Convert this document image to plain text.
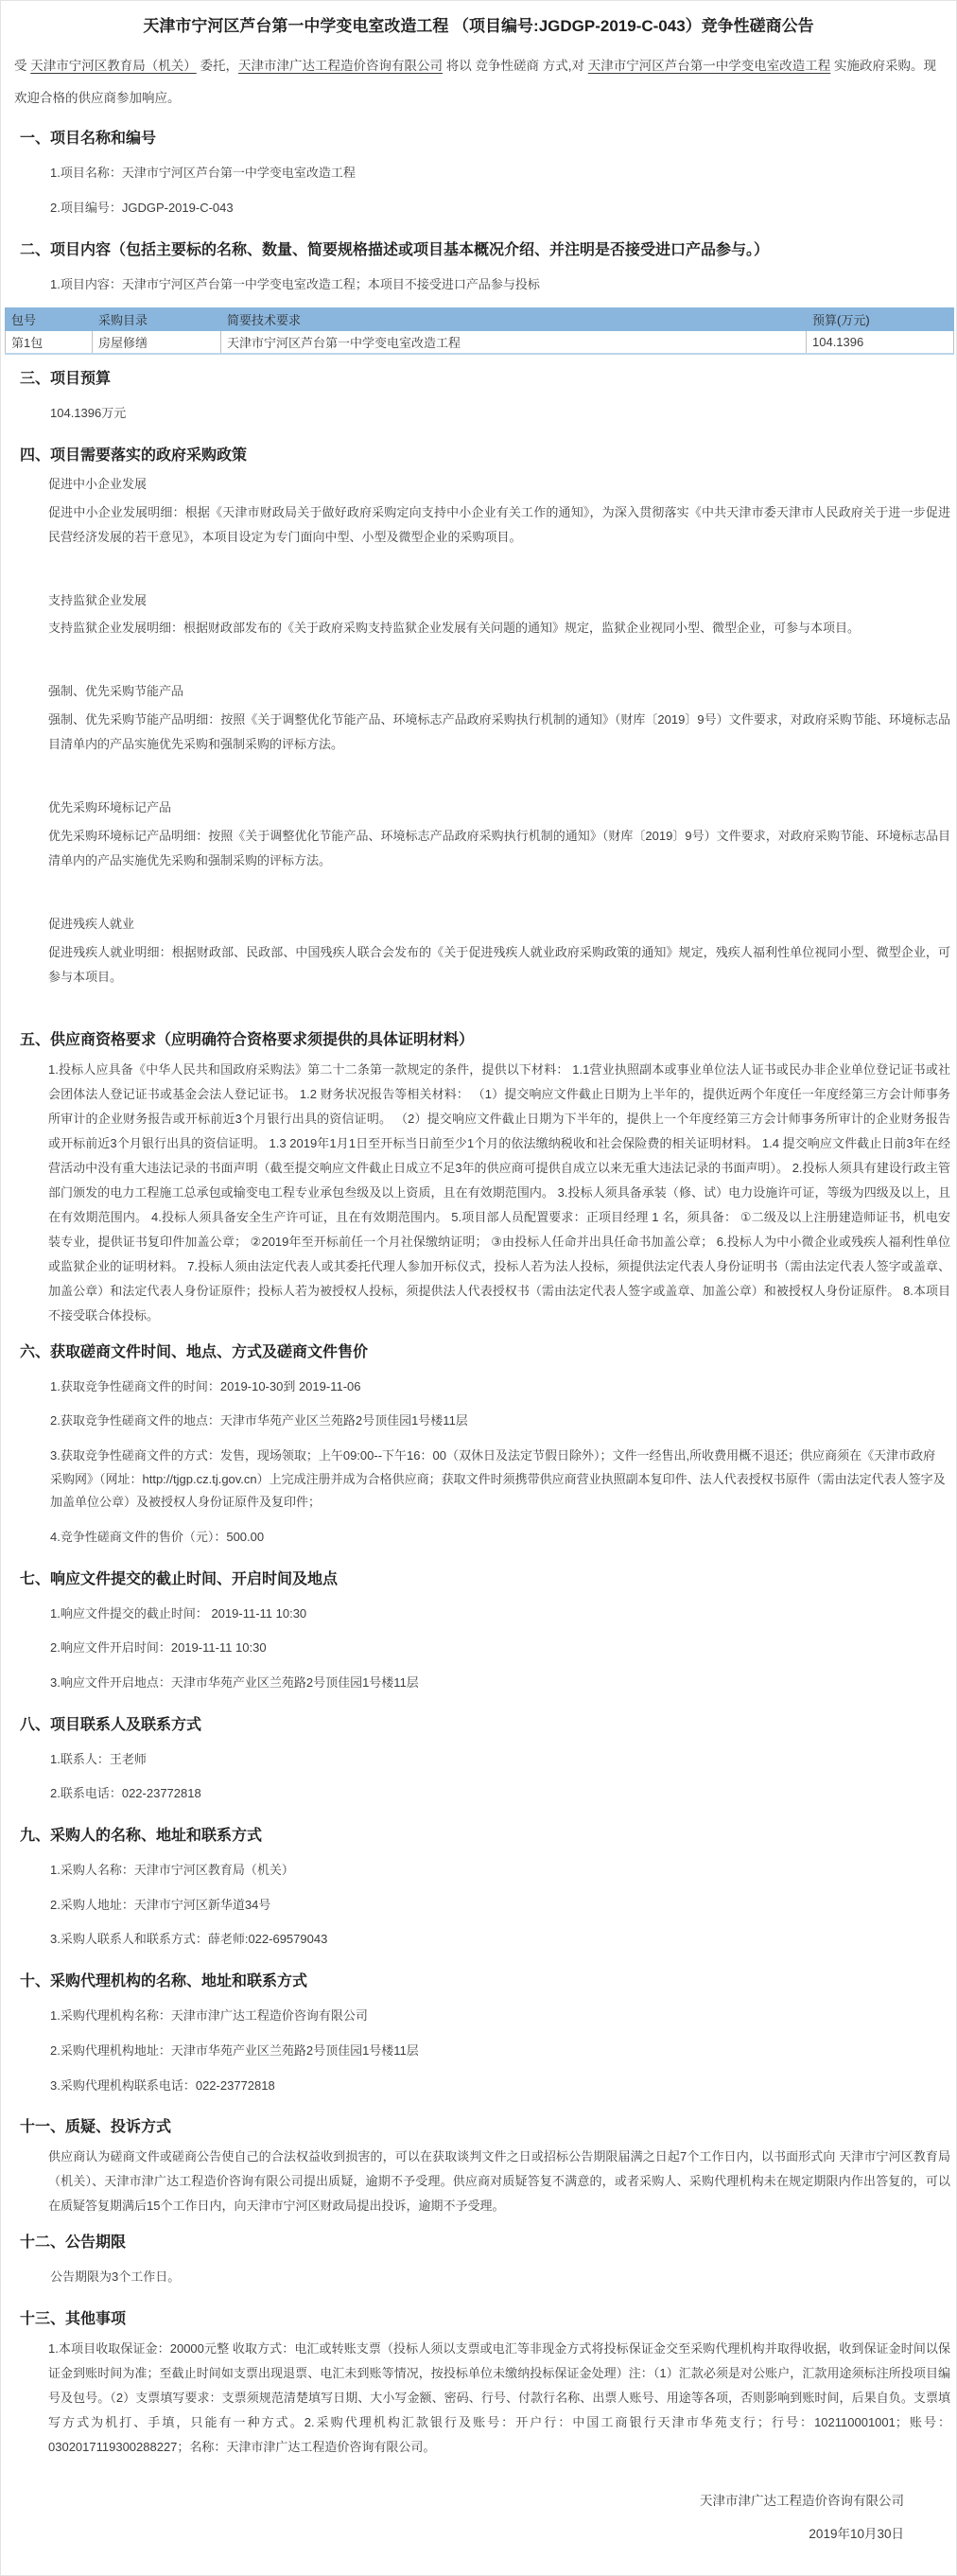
天津市宁河区芦台第一中学变电室改造工程 （项目编号:JGDGP-2019-C-043）竞争性磋商公告

受 天津市宁河区教育局（机关） 委托，天津市津广达工程造价咨询有限公司 将以 竞争性磋商 方式,对 天津市宁河区芦台第一中学变电室改造工程 实施政府采购。现欢迎合格的供应商参加响应。

一、项目名称和编号
1.项目名称：天津市宁河区芦台第一中学变电室改造工程
2.项目编号：JGDGP-2019-C-043
二、项目内容（包括主要标的名称、数量、简要规格描述或项目基本概况介绍、并注明是否接受进口产品参与。）
1.项目内容：天津市宁河区芦台第一中学变电室改造工程；本项目不接受进口产品参与投标
包号	采购目录	简要技术要求	预算(万元)
第1包	房屋修缮	天津市宁河区芦台第一中学变电室改造工程	104.1396
三、项目预算
104.1396万元
四、项目需要落实的政府采购政策
促进中小企业发展

促进中小企业发展明细：根据《天津市财政局关于做好政府采购定向支持中小企业有关工作的通知》，为深入贯彻落实《中共天津市委天津市人民政府关于进一步促进民营经济发展的若干意见》，本项目设定为专门面向中型、小型及微型企业的采购项目。

支持监狱企业发展

支持监狱企业发展明细：根据财政部发布的《关于政府采购支持监狱企业发展有关问题的通知》规定，监狱企业视同小型、微型企业，可参与本项目。

强制、优先采购节能产品

强制、优先采购节能产品明细：按照《关于调整优化节能产品、环境标志产品政府采购执行机制的通知》（财库〔2019〕9号）文件要求，对政府采购节能、环境标志品目清单内的产品实施优先采购和强制采购的评标方法。

优先采购环境标记产品

优先采购环境标记产品明细：按照《关于调整优化节能产品、环境标志产品政府采购执行机制的通知》（财库〔2019〕9号）文件要求，对政府采购节能、环境标志品目清单内的产品实施优先采购和强制采购的评标方法。

促进残疾人就业

促进残疾人就业明细：根据财政部、民政部、中国残疾人联合会发布的《关于促进残疾人就业政府采购政策的通知》规定，残疾人福利性单位视同小型、微型企业，可参与本项目。

五、供应商资格要求（应明确符合资格要求须提供的具体证明材料）

1.投标人应具备《中华人民共和国政府采购法》第二十二条第一款规定的条件，提供以下材料： 1.1营业执照副本或事业单位法人证书或民办非企业单位登记证书或社会团体法人登记证书或基金会法人登记证书。 1.2 财务状况报告等相关材料： （1）提交响应文件截止日期为上半年的，提供近两个年度任一年度经第三方会计师事务所审计的企业财务报告或开标前近3个月银行出具的资信证明。 （2）提交响应文件截止日期为下半年的，提供上一个年度经第三方会计师事务所审计的企业财务报告或开标前近3个月银行出具的资信证明。 1.3 2019年1月1日至开标当日前至少1个月的依法缴纳税收和社会保险费的相关证明材料。 1.4 提交响应文件截止日前3年在经营活动中没有重大违法记录的书面声明（截至提交响应文件截止日成立不足3年的供应商可提供自成立以来无重大违法记录的书面声明）。 2.投标人须具有建设行政主管部门颁发的电力工程施工总承包或输变电工程专业承包叁级及以上资质，且在有效期范围内。 3.投标人须具备承装（修、试）电力设施许可证，等级为四级及以上，且在有效期范围内。 4.投标人须具备安全生产许可证，且在有效期范围内。 5.项目部人员配置要求：正项目经理 1 名，须具备： ①二级及以上注册建造师证书，机电安装专业，提供证书复印件加盖公章； ②2019年至开标前任一个月社保缴纳证明； ③由投标人任命并出具任命书加盖公章； 6.投标人为中小微企业或残疾人福利性单位或监狱企业的证明材料。 7.投标人须由法定代表人或其委托代理人参加开标仪式，投标人若为法人投标，须提供法定代表人身份证明书（需由法定代表人签字或盖章、加盖公章）和法定代表人身份证原件；投标人若为被授权人投标，须提供法人代表授权书（需由法定代表人签字或盖章、加盖公章）和被授权人身份证原件。 8.本项目不接受联合体投标。

六、获取磋商文件时间、地点、方式及磋商文件售价
1.获取竞争性磋商文件的时间：2019-10-30到 2019-11-06
2.获取竞争性磋商文件的地点：天津市华苑产业区兰苑路2号顶佳园1号楼11层
3.获取竞争性磋商文件的方式：发售，现场领取；上午09:00--下午16：00（双休日及法定节假日除外）；文件一经售出,所收费用概不退还；供应商须在《天津市政府采购网》（网址：http://tjgp.cz.tj.gov.cn）上完成注册并成为合格供应商；获取文件时须携带供应商营业执照副本复印件、法人代表授权书原件（需由法定代表人签字及加盖单位公章）及被授权人身份证原件及复印件；
4.竞争性磋商文件的售价（元）：500.00
七、响应文件提交的截止时间、开启时间及地点
1.响应文件提交的截止时间： 2019-11-11 10:30
2.响应文件开启时间：2019-11-11 10:30
3.响应文件开启地点：天津市华苑产业区兰苑路2号顶佳园1号楼11层
八、项目联系人及联系方式
1.联系人：王老师
2.联系电话：022-23772818
九、采购人的名称、地址和联系方式
1.采购人名称：天津市宁河区教育局（机关）
2.采购人地址：天津市宁河区新华道34号
3.采购人联系人和联系方式：薛老师:022-69579043
十、采购代理机构的名称、地址和联系方式
1.采购代理机构名称：天津市津广达工程造价咨询有限公司
2.采购代理机构地址：天津市华苑产业区兰苑路2号顶佳园1号楼11层
3.采购代理机构联系电话：022-23772818
十一、质疑、投诉方式

供应商认为磋商文件或磋商公告使自己的合法权益收到损害的，可以在获取谈判文件之日或招标公告期限届满之日起7个工作日内，以书面形式向 天津市宁河区教育局（机关）、天津市津广达工程造价咨询有限公司提出质疑，逾期不予受理。供应商对质疑答复不满意的，或者采购人、采购代理机构未在规定期限内作出答复的，可以在质疑答复期满后15个工作日内，向天津市宁河区财政局提出投诉，逾期不予受理。

十二、公告期限
公告期限为3个工作日。
十三、其他事项

1.本项目收取保证金：20000元整 收取方式：电汇或转账支票（投标人须以支票或电汇等非现金方式将投标保证金交至采购代理机构并取得收据，收到保证金时间以保证金到账时间为准；至截止时间如支票出现退票、电汇未到账等情况，按投标单位未缴纳投标保证金处理）注：（1）汇款必须是对公账户，汇款用途须标注所投项目编号及包号。（2）支票填写要求：支票须规范清楚填写日期、大小写金额、密码、行号、付款行名称、出票人账号、用途等各项，否则影响到账时间，后果自负。支票填写方式为机打、手填，只能有一种方式。2.采购代理机构汇款银行及账号：开户行：中国工商银行天津市华苑支行；行号：102110001001；账号：0302017119300288227；名称：天津市津广达工程造价咨询有限公司。

天津市津广达工程造价咨询有限公司
2019年10月30日
